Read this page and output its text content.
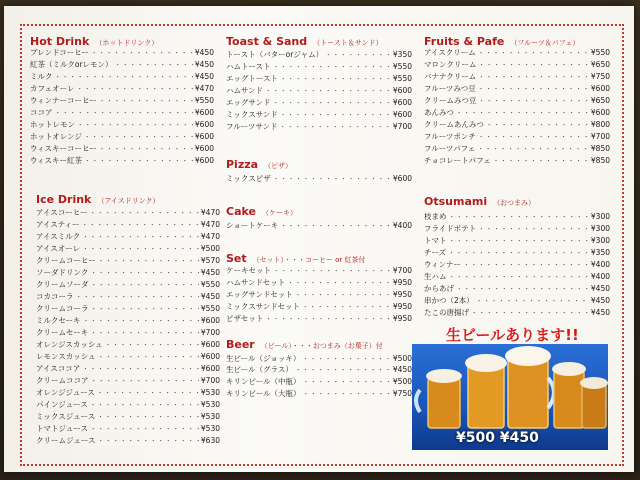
生ビールあります!!
¥500 ¥450
Hot Drink （ホットドリンク）
ブレンドコーヒー ・・・・・・・・・・・・・・・・・・・・・・・・・・・・・・・・・・・・・・・・・	¥450
紅茶（ミルクorレモン） ・・・・・・・・・・・・・・・・・・・・・・・・・・・・・・・・・・・・・・・・・	¥450
ミルク ・・・・・・・・・・・・・・・・・・・・・・・・・・・・・・・・・・・・・・・・・	¥450
カフェオーレ ・・・・・・・・・・・・・・・・・・・・・・・・・・・・・・・・・・・・・・・・・	¥470
ウィンナーコーヒー ・・・・・・・・・・・・・・・・・・・・・・・・・・・・・・・・・・・・・・・・・	¥550
ココア ・・・・・・・・・・・・・・・・・・・・・・・・・・・・・・・・・・・・・・・・・	¥600
ホットレモン ・・・・・・・・・・・・・・・・・・・・・・・・・・・・・・・・・・・・・・・・・	¥600
ホットオレンジ ・・・・・・・・・・・・・・・・・・・・・・・・・・・・・・・・・・・・・・・・・	¥600
ウィスキーコーヒー ・・・・・・・・・・・・・・・・・・・・・・・・・・・・・・・・・・・・・・・・・	¥600
ウィスキー紅茶 ・・・・・・・・・・・・・・・・・・・・・・・・・・・・・・・・・・・・・・・・・	¥600
Ice Drink （アイスドリンク）
アイスコーヒー ・・・・・・・・・・・・・・・・・・・・・・・・・・・・・・・・・・・・・・・・・	¥470
アイスティー ・・・・・・・・・・・・・・・・・・・・・・・・・・・・・・・・・・・・・・・・・	¥470
アイスミルク ・・・・・・・・・・・・・・・・・・・・・・・・・・・・・・・・・・・・・・・・・	¥470
アイスオーレ ・・・・・・・・・・・・・・・・・・・・・・・・・・・・・・・・・・・・・・・・・	¥500
クリームコーヒー ・・・・・・・・・・・・・・・・・・・・・・・・・・・・・・・・・・・・・・・・・	¥570
ソーダドリンク ・・・・・・・・・・・・・・・・・・・・・・・・・・・・・・・・・・・・・・・・・	¥450
クリームソーダ ・・・・・・・・・・・・・・・・・・・・・・・・・・・・・・・・・・・・・・・・・	¥550
コカコーラ ・・・・・・・・・・・・・・・・・・・・・・・・・・・・・・・・・・・・・・・・・	¥450
クリームコーラ ・・・・・・・・・・・・・・・・・・・・・・・・・・・・・・・・・・・・・・・・・	¥550
ミルクセーキ ・・・・・・・・・・・・・・・・・・・・・・・・・・・・・・・・・・・・・・・・・	¥600
クリームセーキ ・・・・・・・・・・・・・・・・・・・・・・・・・・・・・・・・・・・・・・・・・	¥700
オレンジスカッシュ ・・・・・・・・・・・・・・・・・・・・・・・・・・・・・・・・・・・・・・・・・	¥600
レモンスカッシュ ・・・・・・・・・・・・・・・・・・・・・・・・・・・・・・・・・・・・・・・・・	¥600
アイスココア ・・・・・・・・・・・・・・・・・・・・・・・・・・・・・・・・・・・・・・・・・	¥600
クリームココア ・・・・・・・・・・・・・・・・・・・・・・・・・・・・・・・・・・・・・・・・・	¥700
オレンジジュース ・・・・・・・・・・・・・・・・・・・・・・・・・・・・・・・・・・・・・・・・・	¥530
パインジュース ・・・・・・・・・・・・・・・・・・・・・・・・・・・・・・・・・・・・・・・・・	¥530
ミックスジュース ・・・・・・・・・・・・・・・・・・・・・・・・・・・・・・・・・・・・・・・・・	¥530
トマトジュース ・・・・・・・・・・・・・・・・・・・・・・・・・・・・・・・・・・・・・・・・・	¥530
クリームジュース ・・・・・・・・・・・・・・・・・・・・・・・・・・・・・・・・・・・・・・・・・	¥630
Toast & Sand （トースト＆サンド）
トースト（バターorジャム） ・・・・・・・・・・・・・・・・・・・・・・・・・・・・・・・・・・・・・・・・・	¥350
ハムトースト ・・・・・・・・・・・・・・・・・・・・・・・・・・・・・・・・・・・・・・・・・	¥550
エッグトースト ・・・・・・・・・・・・・・・・・・・・・・・・・・・・・・・・・・・・・・・・・	¥550
ハムサンド ・・・・・・・・・・・・・・・・・・・・・・・・・・・・・・・・・・・・・・・・・	¥600
エッグサンド ・・・・・・・・・・・・・・・・・・・・・・・・・・・・・・・・・・・・・・・・・	¥600
ミックスサンド ・・・・・・・・・・・・・・・・・・・・・・・・・・・・・・・・・・・・・・・・・	¥600
フルーツサンド ・・・・・・・・・・・・・・・・・・・・・・・・・・・・・・・・・・・・・・・・・	¥700
Pizza （ピザ）
ミックスピザ ・・・・・・・・・・・・・・・・・・・・・・・・・・・・・・・・・・・・・・・・・	¥600
Cake （ケーキ）
ショートケーキ ・・・・・・・・・・・・・・・・・・・・・・・・・・・・・・・・・・・・・・・・・	¥400
Set （セット）・・・コーヒー or 紅茶付
ケーキセット ・・・・・・・・・・・・・・・・・・・・・・・・・・・・・・・・・・・・・・・・・	¥700
ハムサンドセット ・・・・・・・・・・・・・・・・・・・・・・・・・・・・・・・・・・・・・・・・・	¥950
エッグサンドセット ・・・・・・・・・・・・・・・・・・・・・・・・・・・・・・・・・・・・・・・・・	¥950
ミックスサンドセット ・・・・・・・・・・・・・・・・・・・・・・・・・・・・・・・・・・・・・・・・・	¥950
ピザセット ・・・・・・・・・・・・・・・・・・・・・・・・・・・・・・・・・・・・・・・・・	¥950
Beer （ビール）・・・おつまみ（お菓子）付
生ビール（ジョッキ） ・・・・・・・・・・・・・・・・・・・・・・・・・・・・・・・・・・・・・・・・・	¥500
生ビール（グラス） ・・・・・・・・・・・・・・・・・・・・・・・・・・・・・・・・・・・・・・・・・	¥450
キリンビール（中瓶） ・・・・・・・・・・・・・・・・・・・・・・・・・・・・・・・・・・・・・・・・・	¥500
キリンビール（大瓶） ・・・・・・・・・・・・・・・・・・・・・・・・・・・・・・・・・・・・・・・・・	¥750
Fruits & Pafe （フルーツ＆パフェ）
アイスクリーム ・・・・・・・・・・・・・・・・・・・・・・・・・・・・・・・・・・・・・・・・・	¥550
マロンクリーム ・・・・・・・・・・・・・・・・・・・・・・・・・・・・・・・・・・・・・・・・・	¥650
バナナクリーム ・・・・・・・・・・・・・・・・・・・・・・・・・・・・・・・・・・・・・・・・・	¥750
フルーツみつ豆 ・・・・・・・・・・・・・・・・・・・・・・・・・・・・・・・・・・・・・・・・・	¥600
クリームみつ豆 ・・・・・・・・・・・・・・・・・・・・・・・・・・・・・・・・・・・・・・・・・	¥650
あんみつ ・・・・・・・・・・・・・・・・・・・・・・・・・・・・・・・・・・・・・・・・・	¥600
クリームあんみつ ・・・・・・・・・・・・・・・・・・・・・・・・・・・・・・・・・・・・・・・・・	¥800
フルーツポンチ ・・・・・・・・・・・・・・・・・・・・・・・・・・・・・・・・・・・・・・・・・	¥700
フルーツパフェ ・・・・・・・・・・・・・・・・・・・・・・・・・・・・・・・・・・・・・・・・・	¥850
チョコレートパフェ ・・・・・・・・・・・・・・・・・・・・・・・・・・・・・・・・・・・・・・・・・	¥850
Otsumami （おつまみ）
枝まめ ・・・・・・・・・・・・・・・・・・・・・・・・・・・・・・・・・・・・・・・・・	¥300
フライドポテト ・・・・・・・・・・・・・・・・・・・・・・・・・・・・・・・・・・・・・・・・・	¥300
トマト ・・・・・・・・・・・・・・・・・・・・・・・・・・・・・・・・・・・・・・・・・	¥300
チーズ ・・・・・・・・・・・・・・・・・・・・・・・・・・・・・・・・・・・・・・・・・	¥350
ウィンナー ・・・・・・・・・・・・・・・・・・・・・・・・・・・・・・・・・・・・・・・・・	¥400
生ハム ・・・・・・・・・・・・・・・・・・・・・・・・・・・・・・・・・・・・・・・・・	¥400
からあげ ・・・・・・・・・・・・・・・・・・・・・・・・・・・・・・・・・・・・・・・・・	¥450
串かつ（2本） ・・・・・・・・・・・・・・・・・・・・・・・・・・・・・・・・・・・・・・・・・	¥450
たこの唐揚げ ・・・・・・・・・・・・・・・・・・・・・・・・・・・・・・・・・・・・・・・・・	¥450
